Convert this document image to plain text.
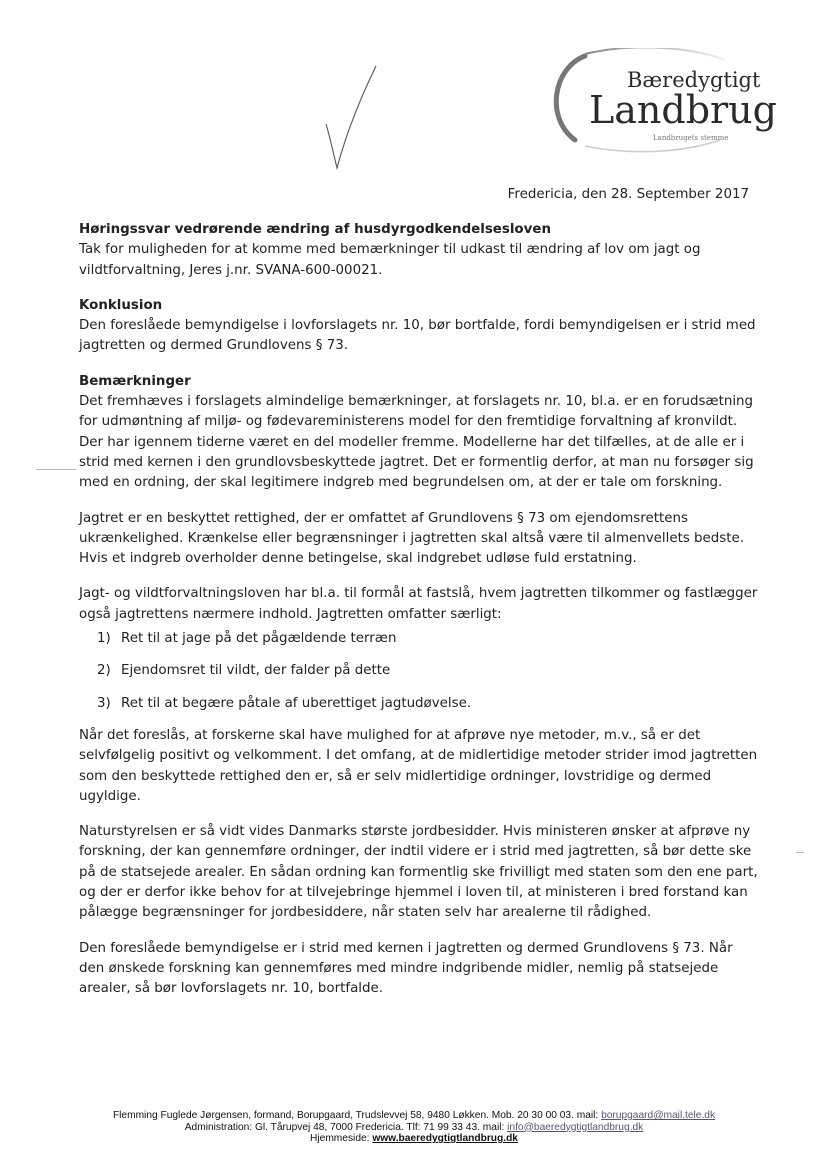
Bæredygtigt
Landbrug
Landbrugets stemme
Fredericia, den 28. September 2017

Høringssvar vedrørende ændring af husdyrgodkendelsesloven
Tak for muligheden for at komme med bemærkninger til udkast til ændring af lov om jagt og vildtforvaltning, Jeres j.nr. SVANA-600-00021.

Konklusion
Den foreslåede bemyndigelse i lovforslagets nr. 10, bør bortfalde, fordi bemyndigelsen er i strid med jagtretten og dermed Grundlovens § 73.

Bemærkninger
Det fremhæves i forslagets almindelige bemærkninger, at forslagets nr. 10, bl.a. er en forudsætning for udmøntning af miljø- og fødevareministerens model for den fremtidige forvaltning af kronvildt. Der har igennem tiderne været en del modeller fremme. Modellerne har det tilfælles, at de alle er i strid med kernen i den grundlovsbeskyttede jagtret. Det er formentlig derfor, at man nu forsøger sig med en ordning, der skal legitimere indgreb med begrundelsen om, at der er tale om forskning.

Jagtret er en beskyttet rettighed, der er omfattet af Grundlovens § 73 om ejendomsrettens ukrænkelighed. Krænkelse eller begrænsninger i jagtretten skal altså være til almenvellets bedste. Hvis et indgreb overholder denne betingelse, skal indgrebet udløse fuld erstatning.

Jagt- og vildtforvaltningsloven har bl.a. til formål at fastslå, hvem jagtretten tilkommer og fastlægger også jagtrettens nærmere indhold. Jagtretten omfatter særligt:

1) Ret til at jage på det pågældende terræn
2) Ejendomsret til vildt, der falder på dette
3) Ret til at begære påtale af uberettiget jagtudøvelse.

Når det foreslås, at forskerne skal have mulighed for at afprøve nye metoder, m.v., så er det selvfølgelig positivt og velkomment. I det omfang, at de midlertidige metoder strider imod jagtretten som den beskyttede rettighed den er, så er selv midlertidige ordninger, lovstridige og dermed ugyldige.

Naturstyrelsen er så vidt vides Danmarks største jordbesidder. Hvis ministeren ønsker at afprøve ny forskning, der kan gennemføre ordninger, der indtil videre er i strid med jagtretten, så bør dette ske på de statsejede arealer. En sådan ordning kan formentlig ske frivilligt med staten som den ene part, og der er derfor ikke behov for at tilvejebringe hjemmel i loven til, at ministeren i bred forstand kan pålægge begrænsninger for jordbesiddere, når staten selv har arealerne til rådighed.

Den foreslåede bemyndigelse er i strid med kernen i jagtretten og dermed Grundlovens § 73. Når den ønskede forskning kan gennemføres med mindre indgribende midler, nemlig på statsejede arealer, så bør lovforslagets nr. 10, bortfalde.

Flemming Fuglede Jørgensen, formand, Borupgaard, Trudslevvej 58, 9480 Løkken. Mob. 20 30 00 03. mail: borupgaard@mail.tele.dk
Administration: Gl. Tårupvej 48, 7000 Fredericia. Tlf: 71 99 33 43. mail: info@baeredygtigtlandbrug.dk
Hjemmeside: www.baeredygtigtlandbrug.dk
